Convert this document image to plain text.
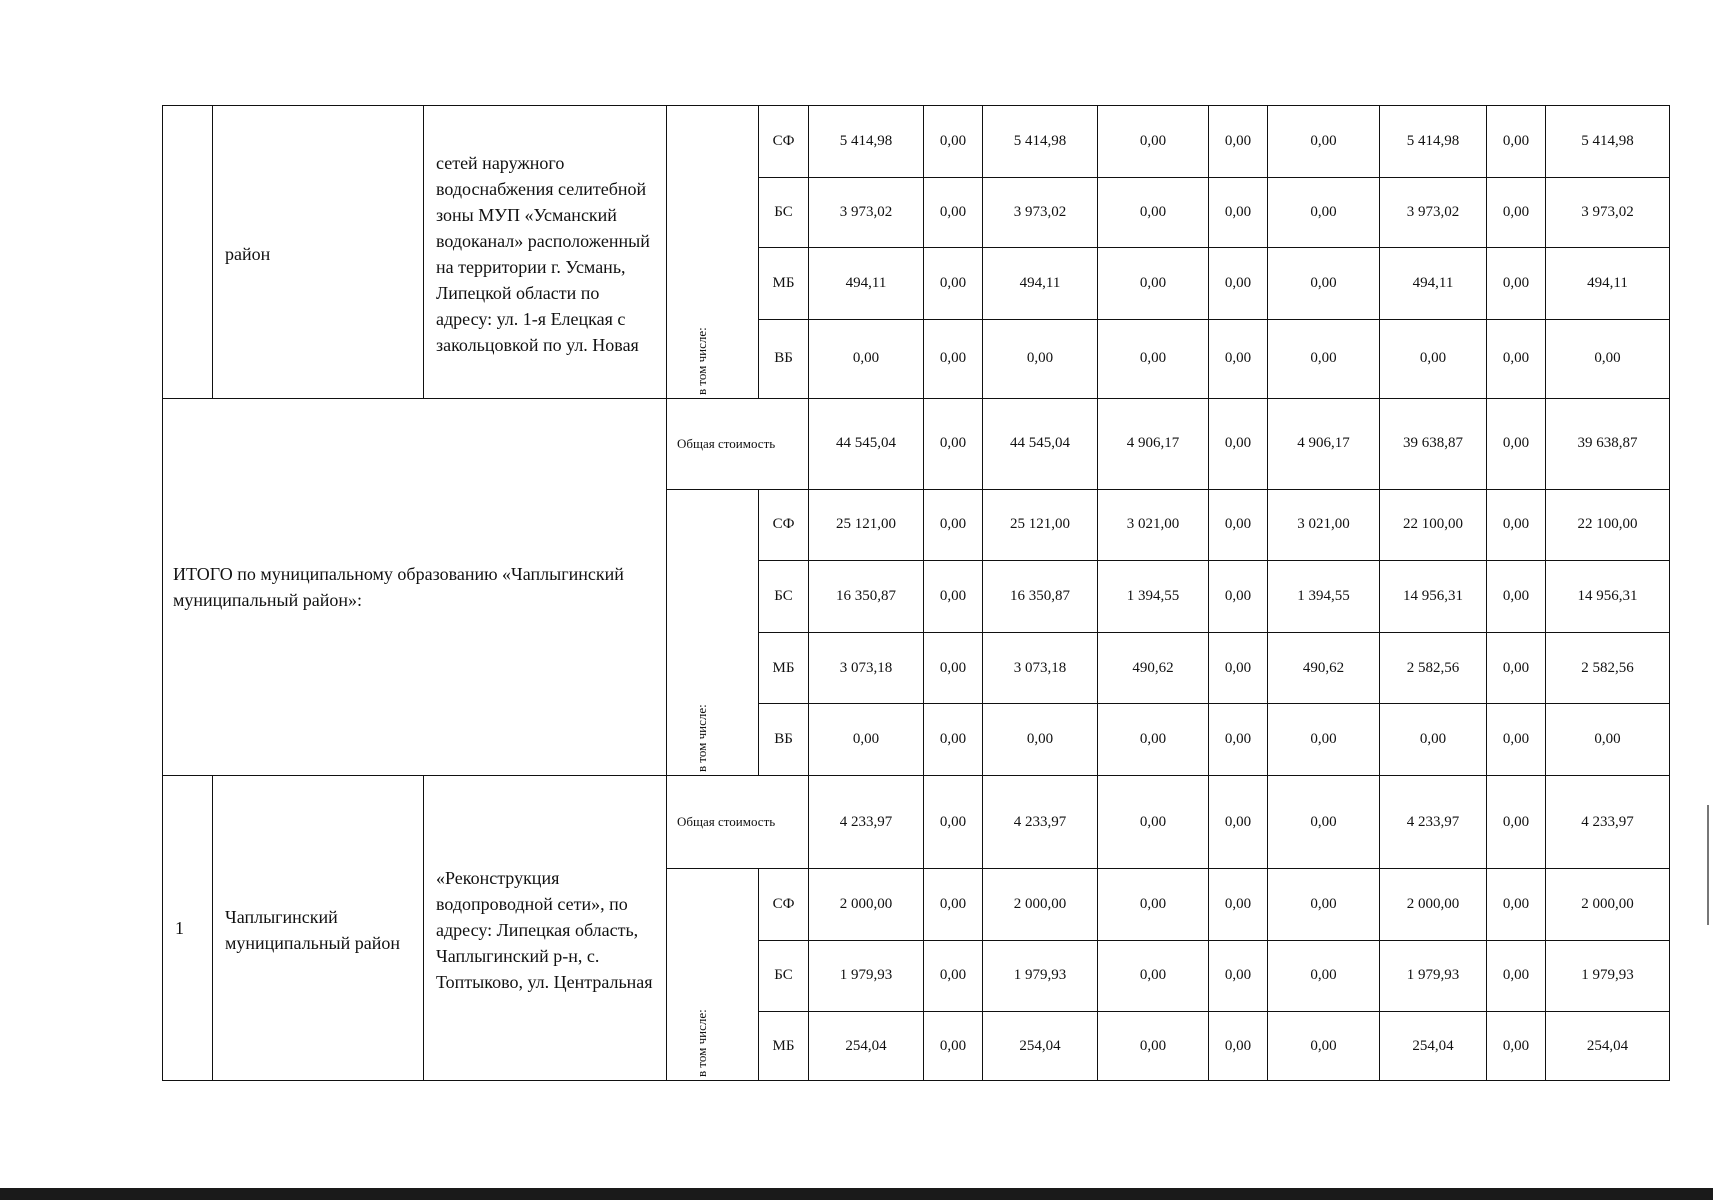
	район	сетей наружного водоснабжения селитебной зоны МУП «Усманский водоканал» расположенный на территории г. Усмань, Липецкой области по адресу: ул. 1-я Елецкая с закольцовкой по ул. Новая	в том числе:	СФ	5 414,98	0,00	5 414,98	0,00	0,00	0,00	5 414,98	0,00	5 414,98
				БС	3 973,02	0,00	3 973,02	0,00	0,00	0,00	3 973,02	0,00	3 973,02
				МБ	494,11	0,00	494,11	0,00	0,00	0,00	494,11	0,00	494,11
				ВБ	0,00	0,00	0,00	0,00	0,00	0,00	0,00	0,00	0,00

ИТОГО по муниципальному образованию «Чаплыгинский муниципальный район»:			Общая стоимость		44 545,04	0,00	44 545,04	4 906,17	0,00	4 906,17	39 638,87	0,00	39 638,87

			в том числе:	СФ	25 121,00	0,00	25 121,00	3 021,00	0,00	3 021,00	22 100,00	0,00	22 100,00
				БС	16 350,87	0,00	16 350,87	1 394,55	0,00	1 394,55	14 956,31	0,00	14 956,31
				МБ	3 073,18	0,00	3 073,18	490,62	0,00	490,62	2 582,56	0,00	2 582,56
				ВБ	0,00	0,00	0,00	0,00	0,00	0,00	0,00	0,00	0,00

1	Чаплыгинский муниципальный район	«Реконструкция водопроводной сети», по адресу: Липецкая область, Чаплыгинский р-н, с. Топтыково, ул. Центральная	Общая стоимость		4 233,97	0,00	4 233,97	0,00	0,00	0,00	4 233,97	0,00	4 233,97

			в том числе:	СФ	2 000,00	0,00	2 000,00	0,00	0,00	0,00	2 000,00	0,00	2 000,00
				БС	1 979,93	0,00	1 979,93	0,00	0,00	0,00	1 979,93	0,00	1 979,93
				МБ	254,04	0,00	254,04	0,00	0,00	0,00	254,04	0,00	254,04
